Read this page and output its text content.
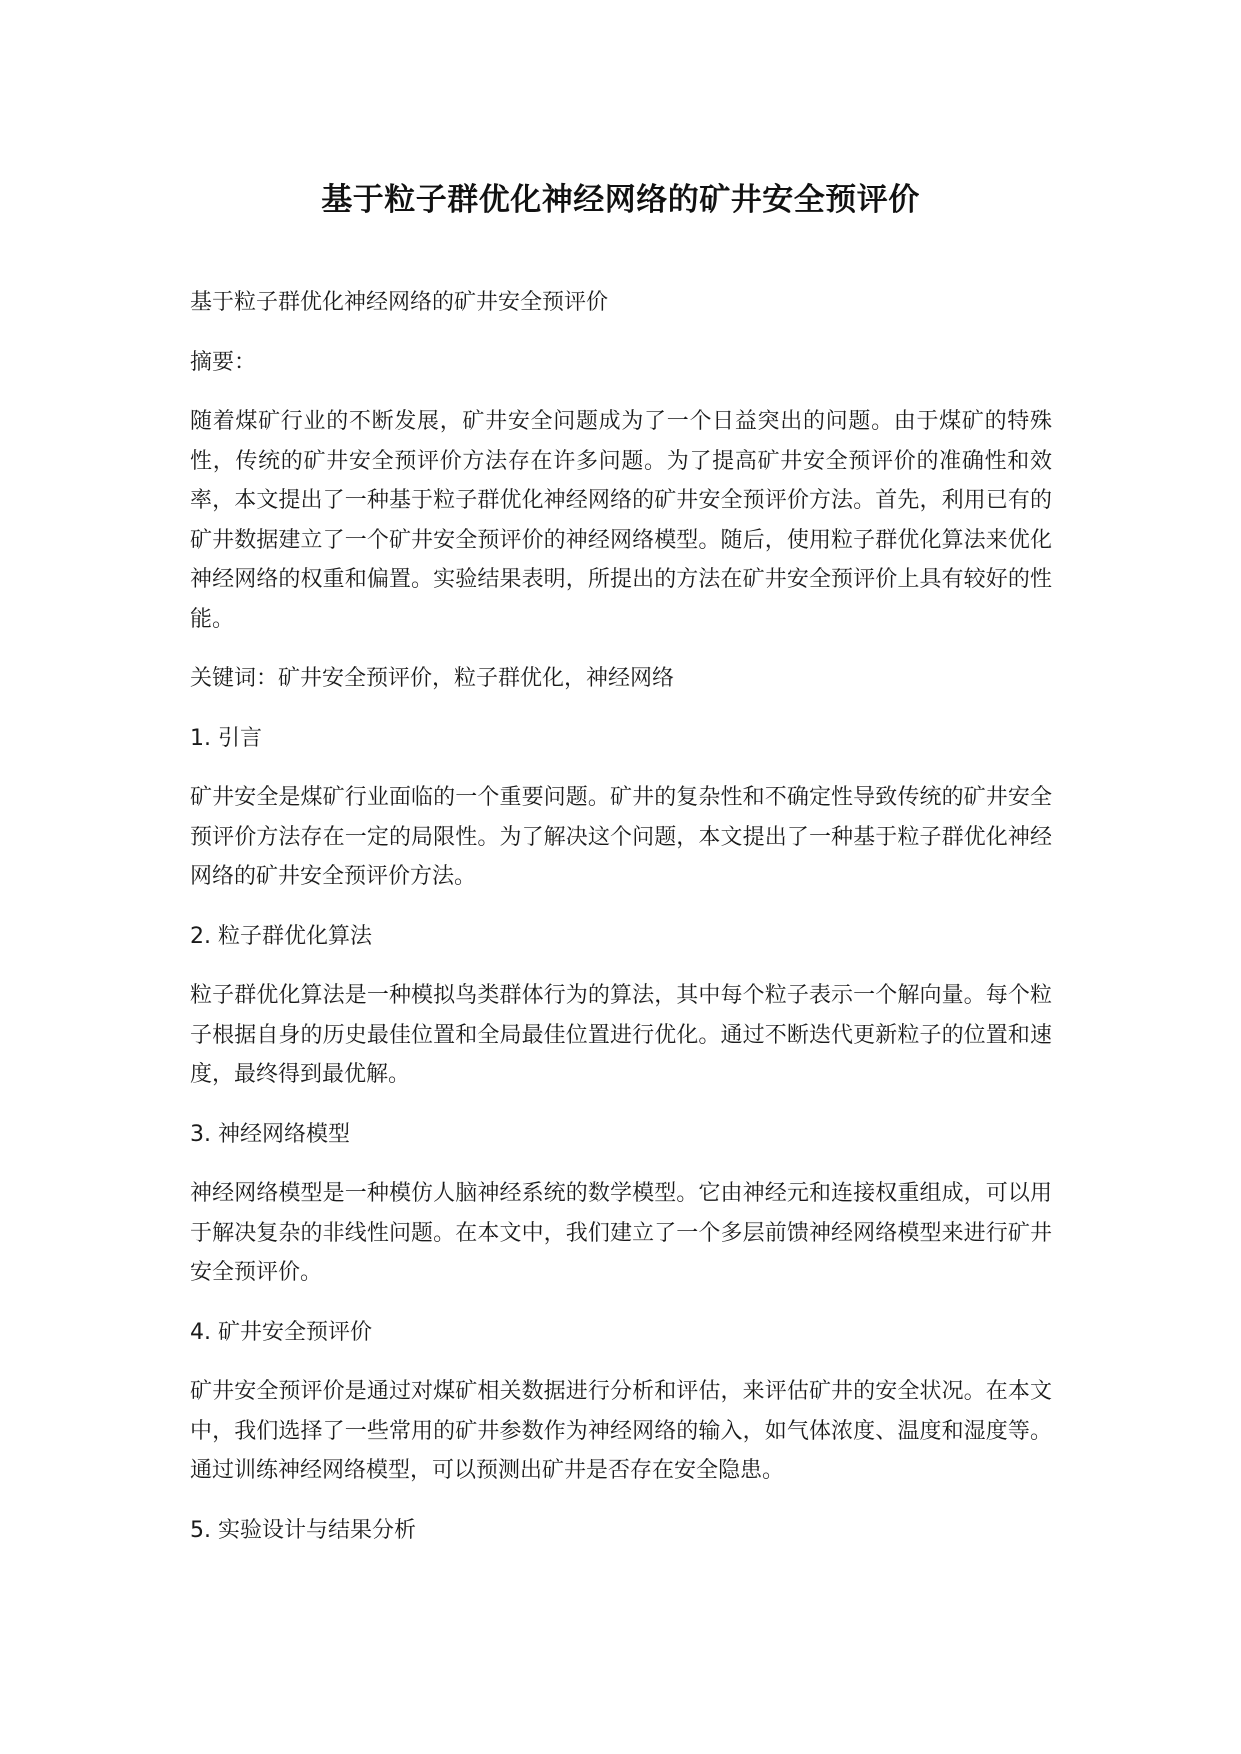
基于粒子群优化神经网络的矿井安全预评价

基于粒子群优化神经网络的矿井安全预评价

摘要：

随着煤矿行业的不断发展，矿井安全问题成为了一个日益突出的问题。由于煤矿的特殊性，传统的矿井安全预评价方法存在许多问题。为了提高矿井安全预评价的准确性和效率，本文提出了一种基于粒子群优化神经网络的矿井安全预评价方法。首先，利用已有的矿井数据建立了一个矿井安全预评价的神经网络模型。随后，使用粒子群优化算法来优化神经网络的权重和偏置。实验结果表明，所提出的方法在矿井安全预评价上具有较好的性能。

关键词：矿井安全预评价，粒子群优化，神经网络

1. 引言

矿井安全是煤矿行业面临的一个重要问题。矿井的复杂性和不确定性导致传统的矿井安全预评价方法存在一定的局限性。为了解决这个问题，本文提出了一种基于粒子群优化神经网络的矿井安全预评价方法。

2. 粒子群优化算法

粒子群优化算法是一种模拟鸟类群体行为的算法，其中每个粒子表示一个解向量。每个粒子根据自身的历史最佳位置和全局最佳位置进行优化。通过不断迭代更新粒子的位置和速度，最终得到最优解。

3. 神经网络模型

神经网络模型是一种模仿人脑神经系统的数学模型。它由神经元和连接权重组成，可以用于解决复杂的非线性问题。在本文中，我们建立了一个多层前馈神经网络模型来进行矿井安全预评价。

4. 矿井安全预评价

矿井安全预评价是通过对煤矿相关数据进行分析和评估，来评估矿井的安全状况。在本文中，我们选择了一些常用的矿井参数作为神经网络的输入，如气体浓度、温度和湿度等。通过训练神经网络模型，可以预测出矿井是否存在安全隐患。

5. 实验设计与结果分析
